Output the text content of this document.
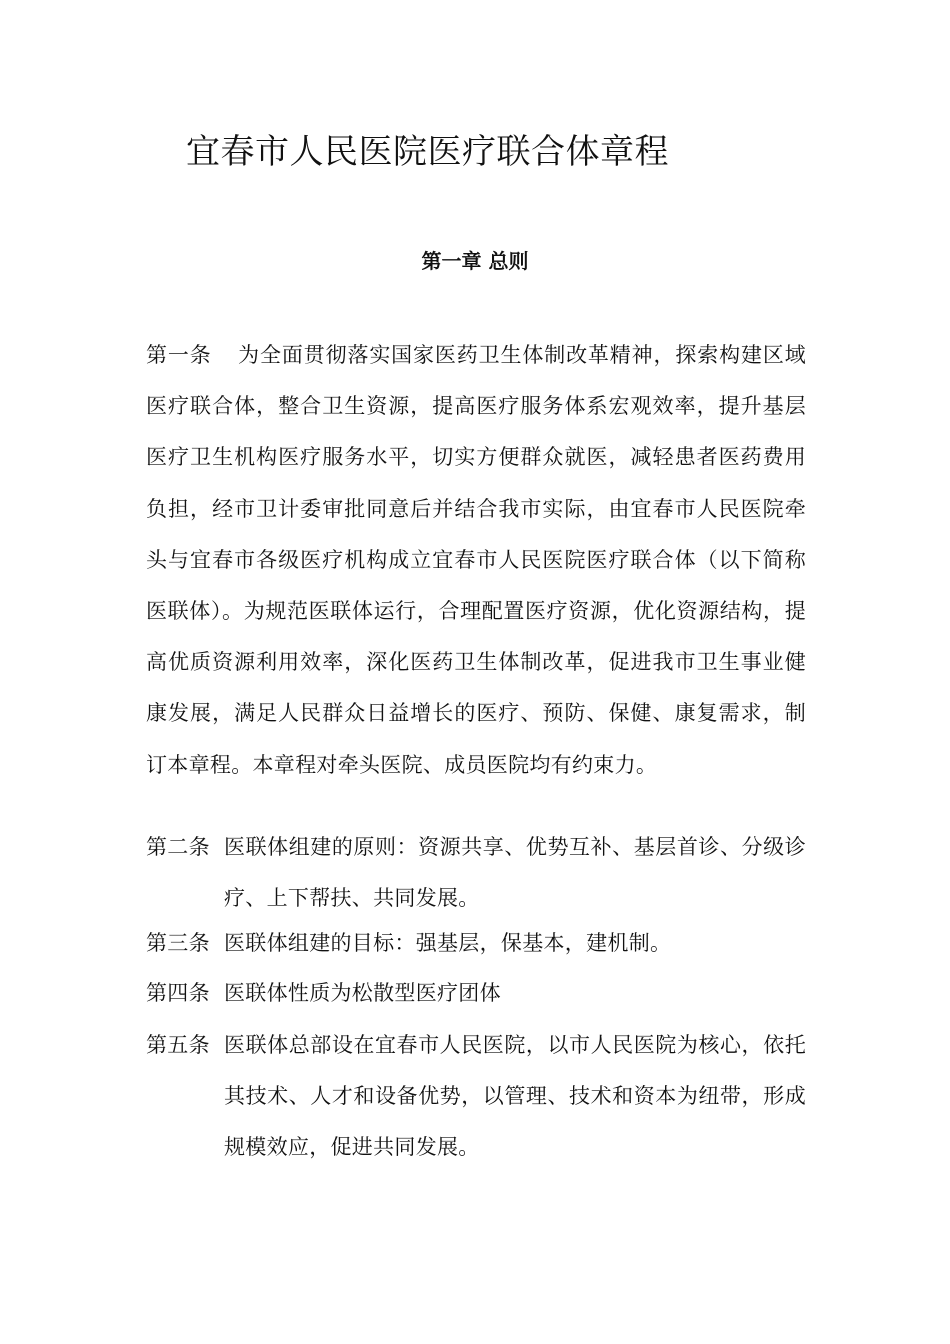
宜春市人民医院医疗联合体章程
第一章 总则

第一条 为全面贯彻落实国家医药卫生体制改革精神，探索构建区域医疗联合体，整合卫生资源，提高医疗服务体系宏观效率，提升基层医疗卫生机构医疗服务水平，切实方便群众就医，减轻患者医药费用负担，经市卫计委审批同意后并结合我市实际，由宜春市人民医院牵头与宜春市各级医疗机构成立宜春市人民医院医疗联合体（以下简称医联体）。为规范医联体运行，合理配置医疗资源，优化资源结构，提高优质资源利用效率，深化医药卫生体制改革，促进我市卫生事业健康发展，满足人民群众日益增长的医疗、预防、保健、康复需求，制订本章程。本章程对牵头医院、成员医院均有约束力。

第二条 医联体组建的原则：资源共享、优势互补、基层首诊、分级诊疗、上下帮扶、共同发展。
第三条 医联体组建的目标：强基层，保基本，建机制。
第四条 医联体性质为松散型医疗团体
第五条 医联体总部设在宜春市人民医院，以市人民医院为核心，依托其技术、人才和设备优势，以管理、技术和资本为纽带，形成规模效应，促进共同发展。
